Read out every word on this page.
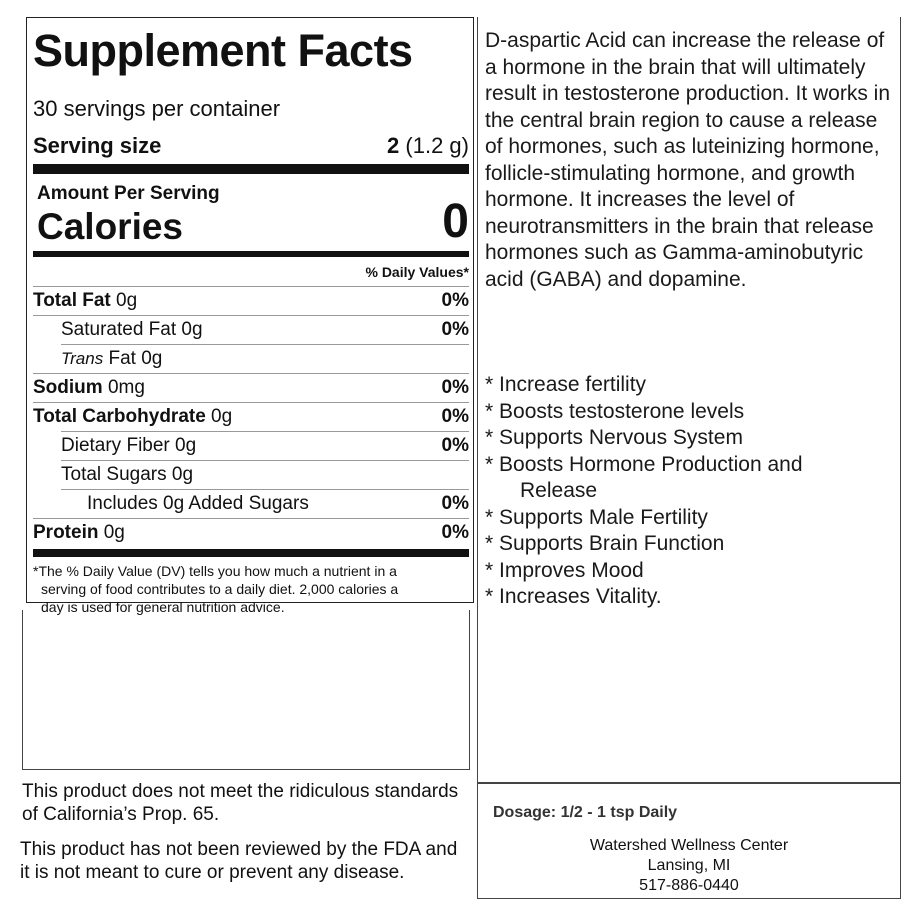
Supplement Facts
30 servings per container
Serving size	2 (1.2 g)
Amount Per Serving
Calories	0
% Daily Values*
Total Fat 0g	0%
Saturated Fat 0g	0%
Trans Fat 0g
Sodium 0mg	0%
Total Carbohydrate 0g	0%
Dietary Fiber 0g	0%
Total Sugars 0g
Includes 0g Added Sugars	0%
Protein 0g	0%
*The % Daily Value (DV) tells you how much a nutrient in a
serving of food contributes to a daily diet. 2,000 calories a
day is used for general nutrition advice.
D-aspartic Acid can increase the release of a hormone in the brain that will ultimately result in testosterone production. It works in the central brain region to cause a release of hormones, such as luteinizing hormone, follicle-stimulating hormone, and growth hormone. It increases the level of neurotransmitters in the brain that release hormones such as Gamma-aminobutyric acid (GABA) and dopamine.
* Increase fertility
* Boosts testosterone levels
* Supports Nervous System
* Boosts Hormone Production and
Release
* Supports Male Fertility
* Supports Brain Function
* Improves Mood
* Increases Vitality.
This product does not meet the ridiculous standards of California’s Prop. 65.
This product has not been reviewed by the FDA and it is not meant to cure or prevent any disease.
Dosage: 1/2 - 1 tsp Daily
Watershed Wellness Center
Lansing, MI
517-886-0440
